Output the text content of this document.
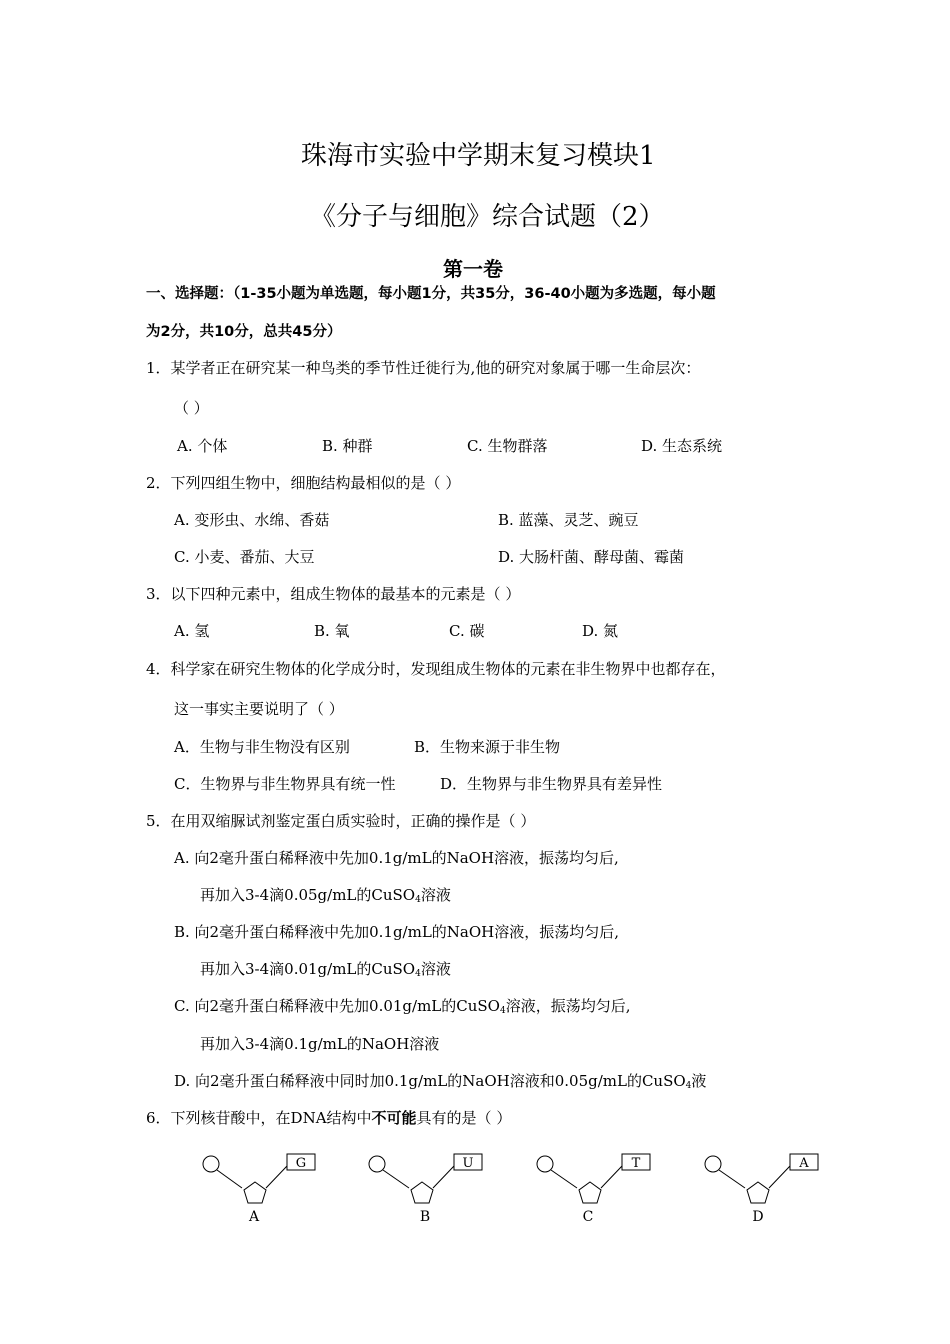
珠海市实验中学期末复习模块1
《分子与细胞》综合试题（2）
第一卷
一、选择题：（1-35小题为单选题，每小题1分，共35分，36-40小题为多选题，每小题
为2分，共10分，总共45分）
1．某学者正在研究某一种鸟类的季节性迁徙行为,他的研究对象属于哪一生命层次：
（ ）
A. 个体	B. 种群	C. 生物群落	D. 生态系统
2．下列四组生物中，细胞结构最相似的是（ ）
A. 变形虫、水绵、香菇	B. 蓝藻、灵芝、豌豆
C. 小麦、番茄、大豆	D. 大肠杆菌、酵母菌、霉菌
3．以下四种元素中，组成生物体的最基本的元素是（ ）
A. 氢	B. 氧	C. 碳	D. 氮
4．科学家在研究生物体的化学成分时，发现组成生物体的元素在非生物界中也都存在，
这一事实主要说明了（ ）
A．生物与非生物没有区别	B．生物来源于非生物
C．生物界与非生物界具有统一性	D．生物界与非生物界具有差异性
5．在用双缩脲试剂鉴定蛋白质实验时，正确的操作是（ ）
A. 向2毫升蛋白稀释液中先加0.1g/mL的NaOH溶液，振荡均匀后,
再加入3-4滴0.05g/mL的CuSO$_4$溶液
B. 向2毫升蛋白稀释液中先加0.1g/mL的NaOH溶液，振荡均匀后,
再加入3-4滴0.01g/mL的CuSO$_4$溶液
C. 向2毫升蛋白稀释液中先加0.01g/mL的CuSO$_4$溶液，振荡均匀后,
再加入3-4滴0.1g/mL的NaOH溶液
D. 向2毫升蛋白稀释液中同时加0.1g/mL的NaOH溶液和0.05g/mL的CuSO$_4$液
6．下列核苷酸中，在DNA结构中不可能具有的是（ ）
G
A
U
B
T
C
A
D
